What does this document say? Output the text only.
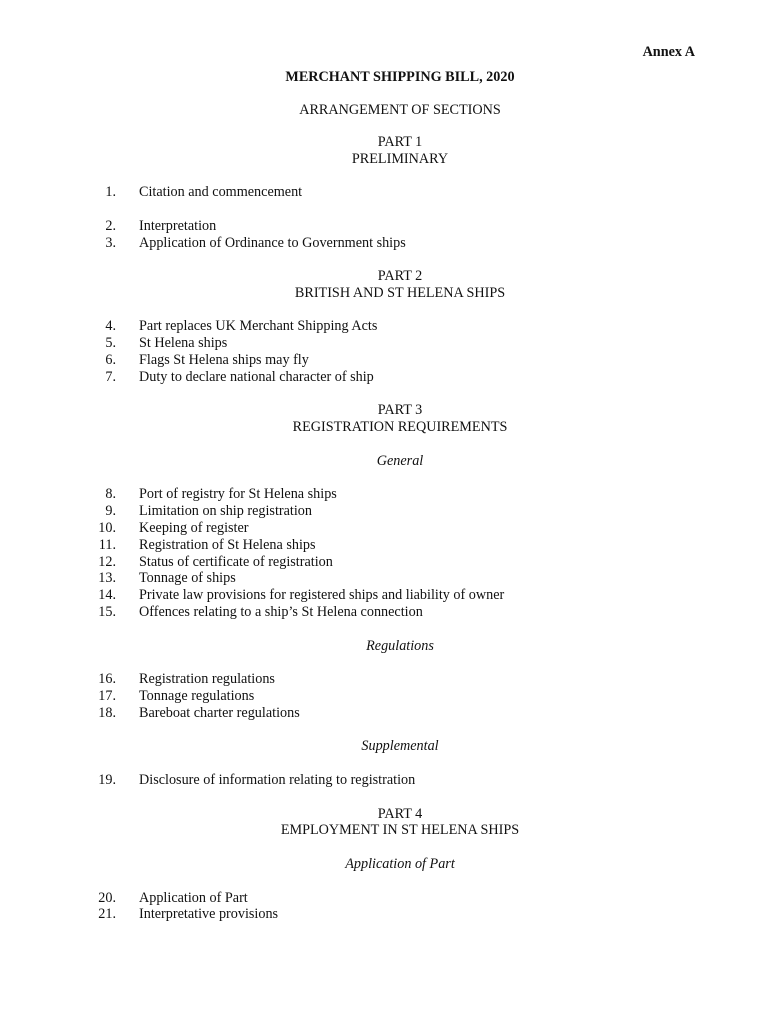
Annex A
MERCHANT SHIPPING BILL, 2020
ARRANGEMENT OF SECTIONS
PART 1
PRELIMINARY
1. Citation and commencement
2. Interpretation
3. Application of Ordinance to Government ships
PART 2
BRITISH AND ST HELENA SHIPS
4. Part replaces UK Merchant Shipping Acts
5. St Helena ships
6. Flags St Helena ships may fly
7. Duty to declare national character of ship
PART 3
REGISTRATION REQUIREMENTS
General
8. Port of registry for St Helena ships
9. Limitation on ship registration
10. Keeping of register
11. Registration of St Helena ships
12. Status of certificate of registration
13. Tonnage of ships
14. Private law provisions for registered ships and liability of owner
15. Offences relating to a ship’s St Helena connection
Regulations
16. Registration regulations
17. Tonnage regulations
18. Bareboat charter regulations
Supplemental
19. Disclosure of information relating to registration
PART 4
EMPLOYMENT IN ST HELENA SHIPS
Application of Part
20. Application of Part
21. Interpretative provisions
